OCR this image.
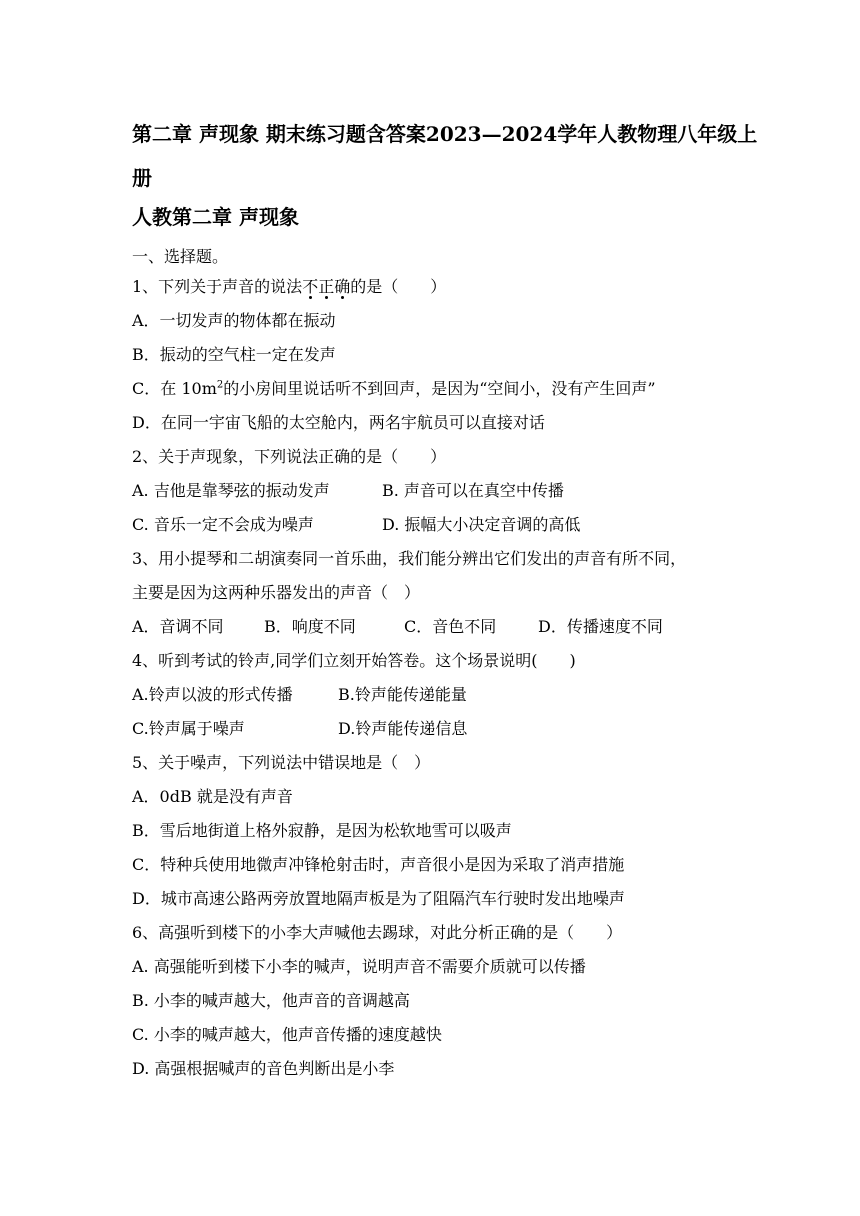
第二章 声现象 期末练习题含答案2023—2024学年人教物理八年级上册
人教第二章 声现象
一、选择题。
1、下列关于声音的说法不正确的是（　　）
A．一切发声的物体都在振动
B．振动的空气柱一定在发声
C．在 $10m^2$的小房间里说话听不到回声，是因为“空间小，没有产生回声”
D．在同一宇宙飞船的太空舱内，两名宇航员可以直接对话
2、关于声现象，下列说法正确的是（　　）
A. 吉他是靠琴弦的振动发声	B. 声音可以在真空中传播
C. 音乐一定不会成为噪声	D. 振幅大小决定音调的高低
3、用小提琴和二胡演奏同一首乐曲，我们能分辨出它们发出的声音有所不同，
主要是因为这两种乐器发出的声音（　）
A．音调不同	B．响度不同	C．音色不同	D．传播速度不同
4、听到考试的铃声,同学们立刻开始答卷。这个场景说明(　　)
A.铃声以波的形式传播	B.铃声能传递能量
C.铃声属于噪声	D.铃声能传递信息
5、关于噪声，下列说法中错误地是（　）
A．0dB 就是没有声音
B．雪后地街道上格外寂静，是因为松软地雪可以吸声
C．特种兵使用地微声冲锋枪射击时，声音很小是因为采取了消声措施
D．城市高速公路两旁放置地隔声板是为了阻隔汽车行驶时发出地噪声
6、高强听到楼下的小李大声喊他去踢球，对此分析正确的是（　　）
A. 高强能听到楼下小李的喊声，说明声音不需要介质就可以传播
B. 小李的喊声越大，他声音的音调越高
C. 小李的喊声越大，他声音传播的速度越快
D. 高强根据喊声的音色判断出是小李
